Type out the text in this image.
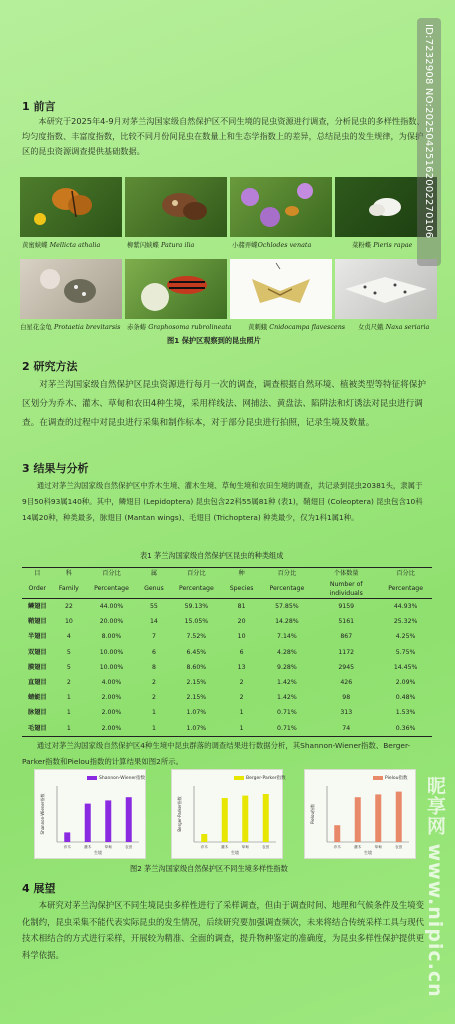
1 前言
本研究于2025年4-9月对茅兰沟国家级自然保护区不同生境的昆虫资源进行调查，分析昆虫的多样性指数、均匀度指数、丰富度指数，比较不同月份间昆虫在数量上和生态学指数上的差异，总结昆虫的发生规律，为保护区的昆虫资源调查提供基础数据。
黄蜜蛱蝶 Mellicta athalia	柳紫闪蛱蝶 Patura ilia	小赭弄蝶Ochlodes venata	菜粉蝶 Pieris rapae
白星花金龟 Protaetia brevitarsis 赤条蝽 Graphosoma rubrolineata	黄刺蛾 Cnidocampa flavescens 女贞尺蛾 Naxa seriaria
图1 保护区观察到的昆虫照片
2 研究方法
对茅兰沟国家级自然保护区昆虫资源进行每月一次的调查，调查根据自然环境、植被类型等特征将保护区划分为乔木、灌木、草甸和农田4种生境，采用样线法、网捕法、黄盘法、陷阱法和灯诱法对昆虫进行调查。在调查的过程中对昆虫进行采集和制作标本，对于部分昆虫进行拍照，记录生境及数量。
3 结果与分析
通过对茅兰沟国家级自然保护区中乔木生境、灌木生境、草甸生境和农田生境的调查，共记录到昆虫20381头，隶属于9目50科93属140种。其中，鳞翅目 (Lepidoptera) 昆虫包含22科55属81种 (表1)，鞘翅目 (Coleoptera) 昆虫包含10科14属20种，种类最多，脉翅目 (Mantan wings)、毛翅目 (Trichoptera) 种类最少，仅为1科1属1种。
表1 茅兰沟国家级自然保护区昆虫的种类组成
目	科	百分比	属	百分比	种	百分比	个体数量	百分比
Order	Family	Percentage	Genus	Percentage	Species	Percentage	Number of individuals	Percentage
鳞翅目	22	44.00%	55	59.13%	81	57.85%	9159	44.93%
鞘翅目	10	20.00%	14	15.05%	20	14.28%	5161	25.32%
半翅目	4	8.00%	7	7.52%	10	7.14%	867	4.25%
双翅目	5	10.00%	6	6.45%	6	4.28%	1172	5.75%
膜翅目	5	10.00%	8	8.60%	13	9.28%	2945	14.45%
直翅目	2	4.00%	2	2.15%	2	1.42%	426	2.09%
蜻蜓目	1	2.00%	2	2.15%	2	1.42%	98	0.48%
脉翅目	1	2.00%	1	1.07%	1	0.71%	313	1.53%
毛翅目	1	2.00%	1	1.07%	1	0.71%	74	0.36%
通过对茅兰沟国家级自然保护区4种生境中昆虫群落的调查结果进行数据分析，其Shannon-Wiener指数、Berger-Parker指数和Pielou指数的计算结果如图2所示。
Shannon-Wiener指数
乔木	灌木	草甸	农田
生境
Shannon-Wiener指数
Berger-Parker指数
乔木	灌木	草甸	农田
生境
Berger-Parker指数
Pielou指数
乔木	灌木	草甸	农田
生境
Pielou指数
图2 茅兰沟国家级自然保护区不同生境多样性指数
4 展望
本研究对茅兰沟保护区不同生境昆虫多样性进行了采样调查，但由于调查时间、地理和气候条件及生境变化制约，昆虫采集不能代表实际昆虫的发生情况，后续研究要加强调查频次，未来将结合传统采样工具与现代技术相结合的方式进行采样，开展较为精准、全面的调查，提升物种鉴定的准确度，为昆虫多样性保护提供更科学依据。
ID:7232908 NO:20250425162002270106
昵享网 www.nipic.cn
